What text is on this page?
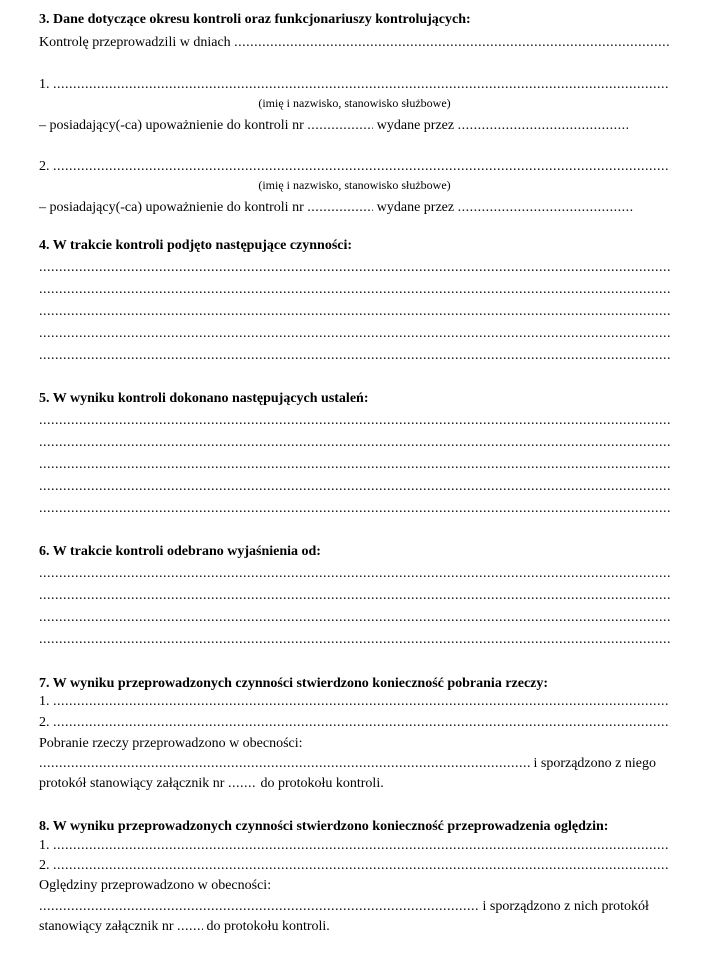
3. Dane dotyczące okresu kontroli oraz funkcjonariuszy kontrolujących:
Kontrolę przeprowadzili w dniach

.....
1.

.....
(imię i nazwisko, stanowisko służbowe)
– posiadający(-ca) upoważnienie do kontroli nr
.....
	wydane przez

.....
2.

.....
(imię i nazwisko, stanowisko służbowe)
– posiadający(-ca) upoważnienie do kontroli nr
.....
	wydane przez

.....
4. W trakcie kontroli podjęto następujące czynności:
.....
.....
.....
.....
.....
5. W wyniku kontroli dokonano następujących ustaleń:
.....
.....
.....
.....
.....
6. W trakcie kontroli odebrano wyjaśnienia od:
.....
.....
.....
.....
7. W wyniku przeprowadzonych czynności stwierdzono konieczność pobrania rzeczy:
1.

.....
2.

.....
Pobranie rzeczy przeprowadzono w obecności:
.....
i sporządzono z niego
protokół stanowiący załącznik nr
.....
	do protokołu kontroli.
8. W wyniku przeprowadzonych czynności stwierdzono konieczność przeprowadzenia oględzin:
1.

.....
2.

.....
Oględziny przeprowadzono w obecności:
.....
i sporządzono z nich protokół
stanowiący załącznik nr
.....
do protokołu kontroli.
